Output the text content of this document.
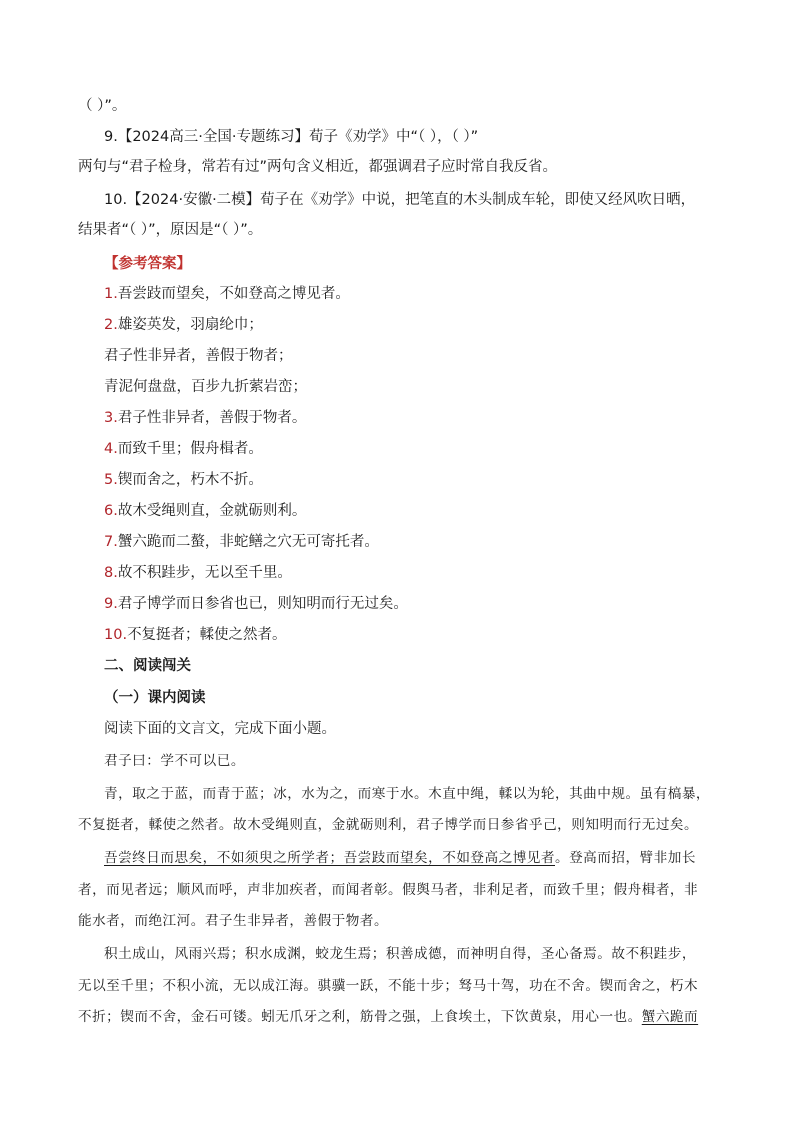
（ ）”。
9.【2024高三·全国·专题练习】荀子《劝学》中“（ ），（ ）”
两句与“君子检身，常若有过”两句含义相近，都强调君子应时常自我反省。
10.【2024·安徽·二模】荀子在《劝学》中说，把笔直的木头制成车轮，即使又经风吹日晒，
结果者“（ ）”，原因是“（ ）”。
【参考答案】
1.吾尝跂而望矣，不如登高之博见者。
2.雄姿英发，羽扇纶巾；
君子性非异者，善假于物者；
青泥何盘盘，百步九折萦岩峦；
3.君子性非异者，善假于物者。
4.而致千里；假舟楫者。
5.锲而舍之，朽木不折。
6.故木受绳则直，金就砺则利。
7.蟹六跪而二螯，非蛇鳝之穴无可寄托者。
8.故不积跬步，无以至千里。
9.君子博学而日参省也已，则知明而行无过矣。
10.不复挺者；輮使之然者。
二、阅读闯关
（一）课内阅读
阅读下面的文言文，完成下面小题。
君子曰：学不可以已。
青，取之于蓝，而青于蓝；冰，水为之，而寒于水。木直中绳，輮以为轮，其曲中规。虽有槁暴，
不复挺者，輮使之然者。故木受绳则直，金就砺则利，君子博学而日参省乎己，则知明而行无过矣。
吾尝终日而思矣，不如须臾之所学者；吾尝跂而望矣，不如登高之博见者。登高而招，臂非加长
者，而见者远；顺风而呼，声非加疾者，而闻者彰。假舆马者，非利足者，而致千里；假舟楫者，非
能水者，而绝江河。君子生非异者，善假于物者。
积土成山，风雨兴焉；积水成渊，蛟龙生焉；积善成德，而神明自得，圣心备焉。故不积跬步，
无以至千里；不积小流，无以成江海。骐骥一跃，不能十步；驽马十驾，功在不舍。锲而舍之，朽木
不折；锲而不舍，金石可镂。蚓无爪牙之利，筋骨之强，上食埃土，下饮黄泉，用心一也。蟹六跪而
